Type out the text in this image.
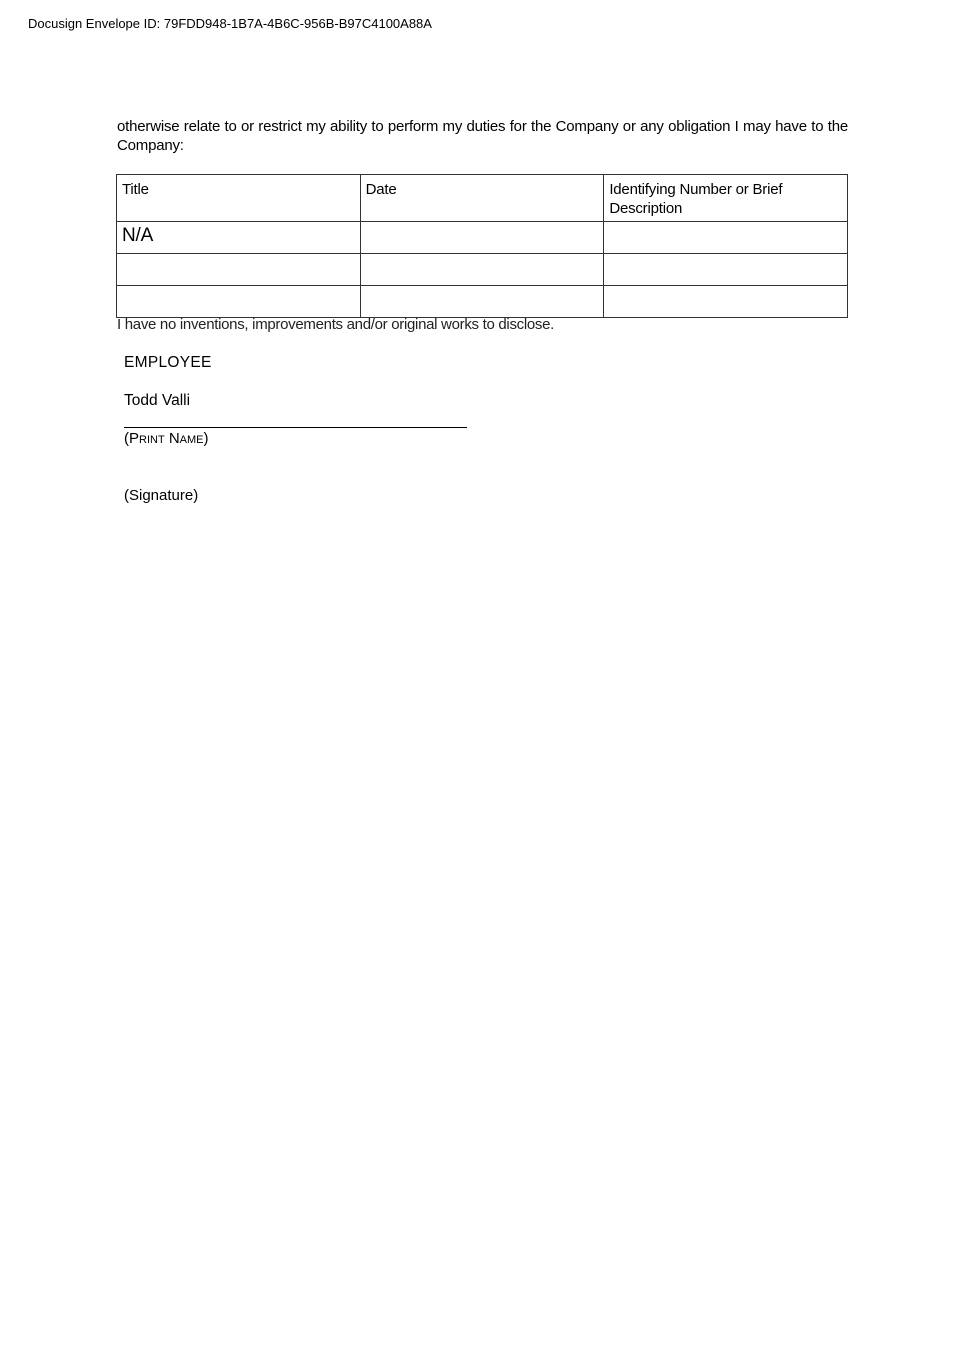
Docusign Envelope ID: 79FDD948-1B7A-4B6C-956B-B97C4100A88A
otherwise relate to or restrict my ability to perform my duties for the Company or any obligation I may have to the Company:
Title	Date	Identifying Number or Brief Description
N/A		

I have no inventions, improvements and/or original works to disclose.
EMPLOYEE
Todd Valli
(Print Name)
(Signature)
